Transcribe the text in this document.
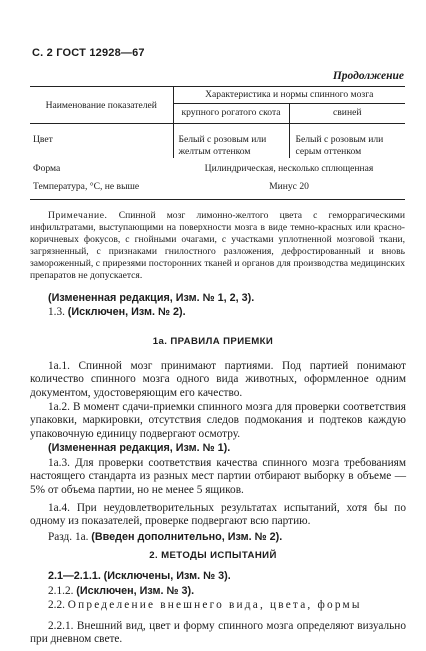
С. 2 ГОСТ 12928—67
Продолжение
Наименование показателей	Характеристика и нормы спинного мозга	
	крупного рогатого скота	свиней
Цвет	Белый с розовым или желтым оттенком	Белый с розовым или серым оттенком
Форма	Цилиндрическая, несколько сплющенная	
Температура, °С, не выше	Минус 20	
Примечание. Спинной мозг лимонно-желтого цвета с геморрагическими инфильтратами, выступающими на поверхности мозга в виде темно-красных или красно-коричневых фокусов, с гнойными очагами, с участками уплотненной мозговой ткани, загрязненный, с признаками гнилостного разложения, дефростированный и вновь замороженный, с прирезями посторонних тканей и органов для производства медицинских препаратов не допускается.
(Измененная редакция, Изм. № 1, 2, 3).
1.3. (Исключен, Изм. № 2).
1а. ПРАВИЛА ПРИЕМКИ
1а.1. Спинной мозг принимают партиями. Под партией понимают количество спинного мозга одного вида животных, оформленное одним документом, удостоверяющим его качество.
1а.2. В момент сдачи-приемки спинного мозга для проверки соответствия упаковки, маркировки, отсутствия следов подмокания и подтеков каждую упаковочную единицу подвергают осмотру.
(Измененная редакция, Изм. № 1).
1а.3. Для проверки соответствия качества спинного мозга требованиям настоящего стандарта из разных мест партии отбирают выборку в объеме — 5% от объема партии, но не менее 5 ящиков.
1а.4. При неудовлетворительных результатах испытаний, хотя бы по одному из показателей, проверке подвергают всю партию.
Разд. 1а. (Введен дополнительно, Изм. № 2).
2. МЕТОДЫ ИСПЫТАНИЙ
2.1—2.1.1. (Исключены, Изм. № 3).
2.1.2. (Исключен, Изм. № 3).
2.2. Определение внешнего вида, цвета, формы
2.2.1. Внешний вид, цвет и форму спинного мозга определяют визуально при дневном свете.
